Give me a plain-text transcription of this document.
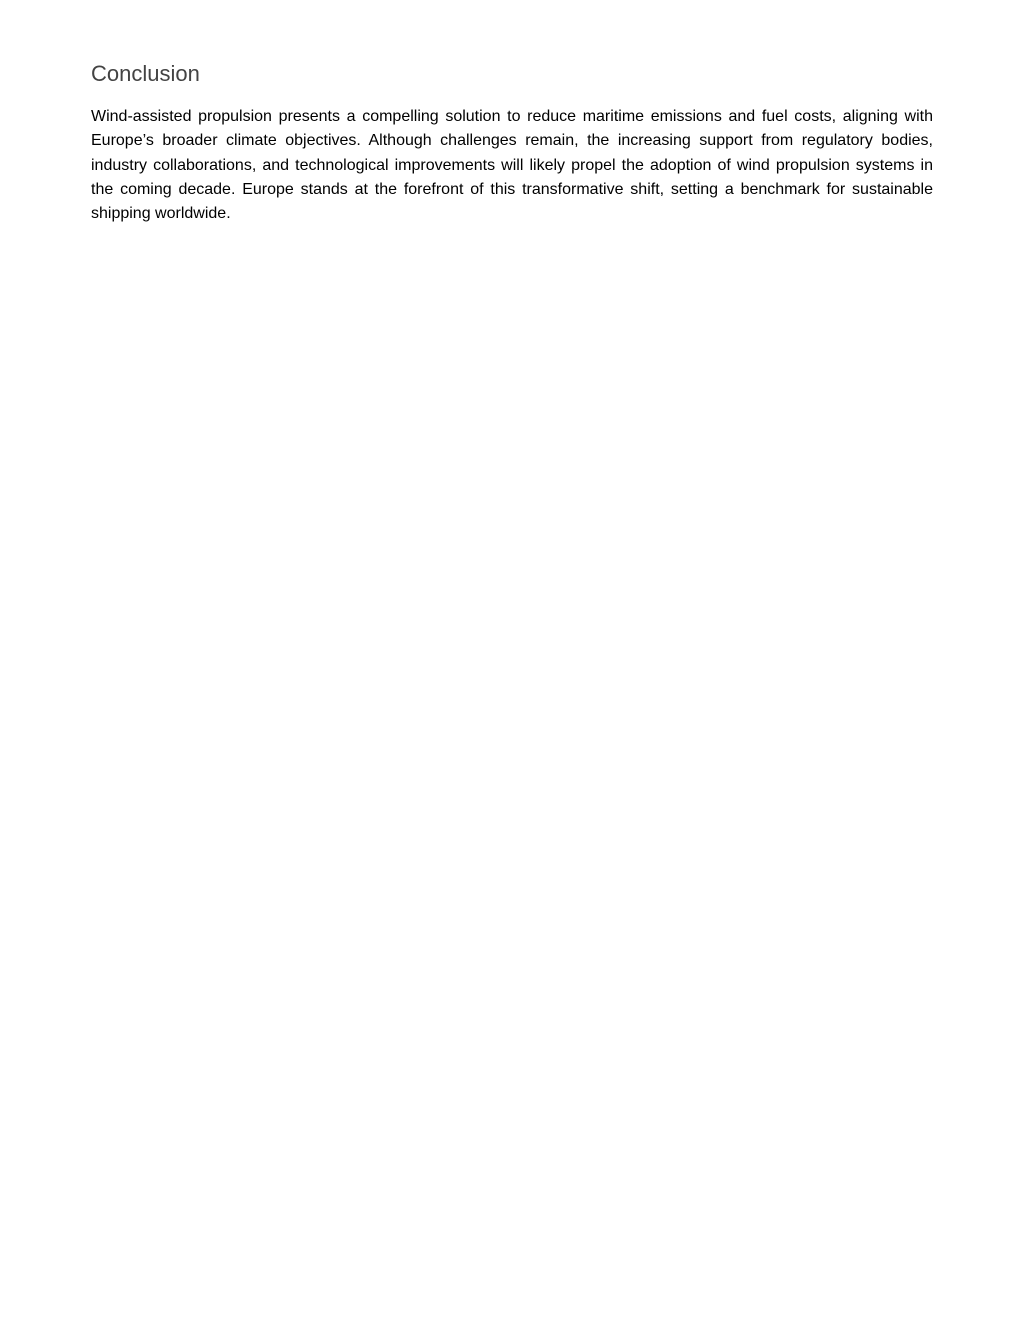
Conclusion

Wind-assisted propulsion presents a compelling solution to reduce maritime emissions and fuel costs, aligning with Europe’s broader climate objectives. Although challenges remain, the increasing support from regulatory bodies, industry collaborations, and technological improvements will likely propel the adoption of wind propulsion systems in the coming decade. Europe stands at the forefront of this transformative shift, setting a benchmark for sustainable shipping worldwide.
